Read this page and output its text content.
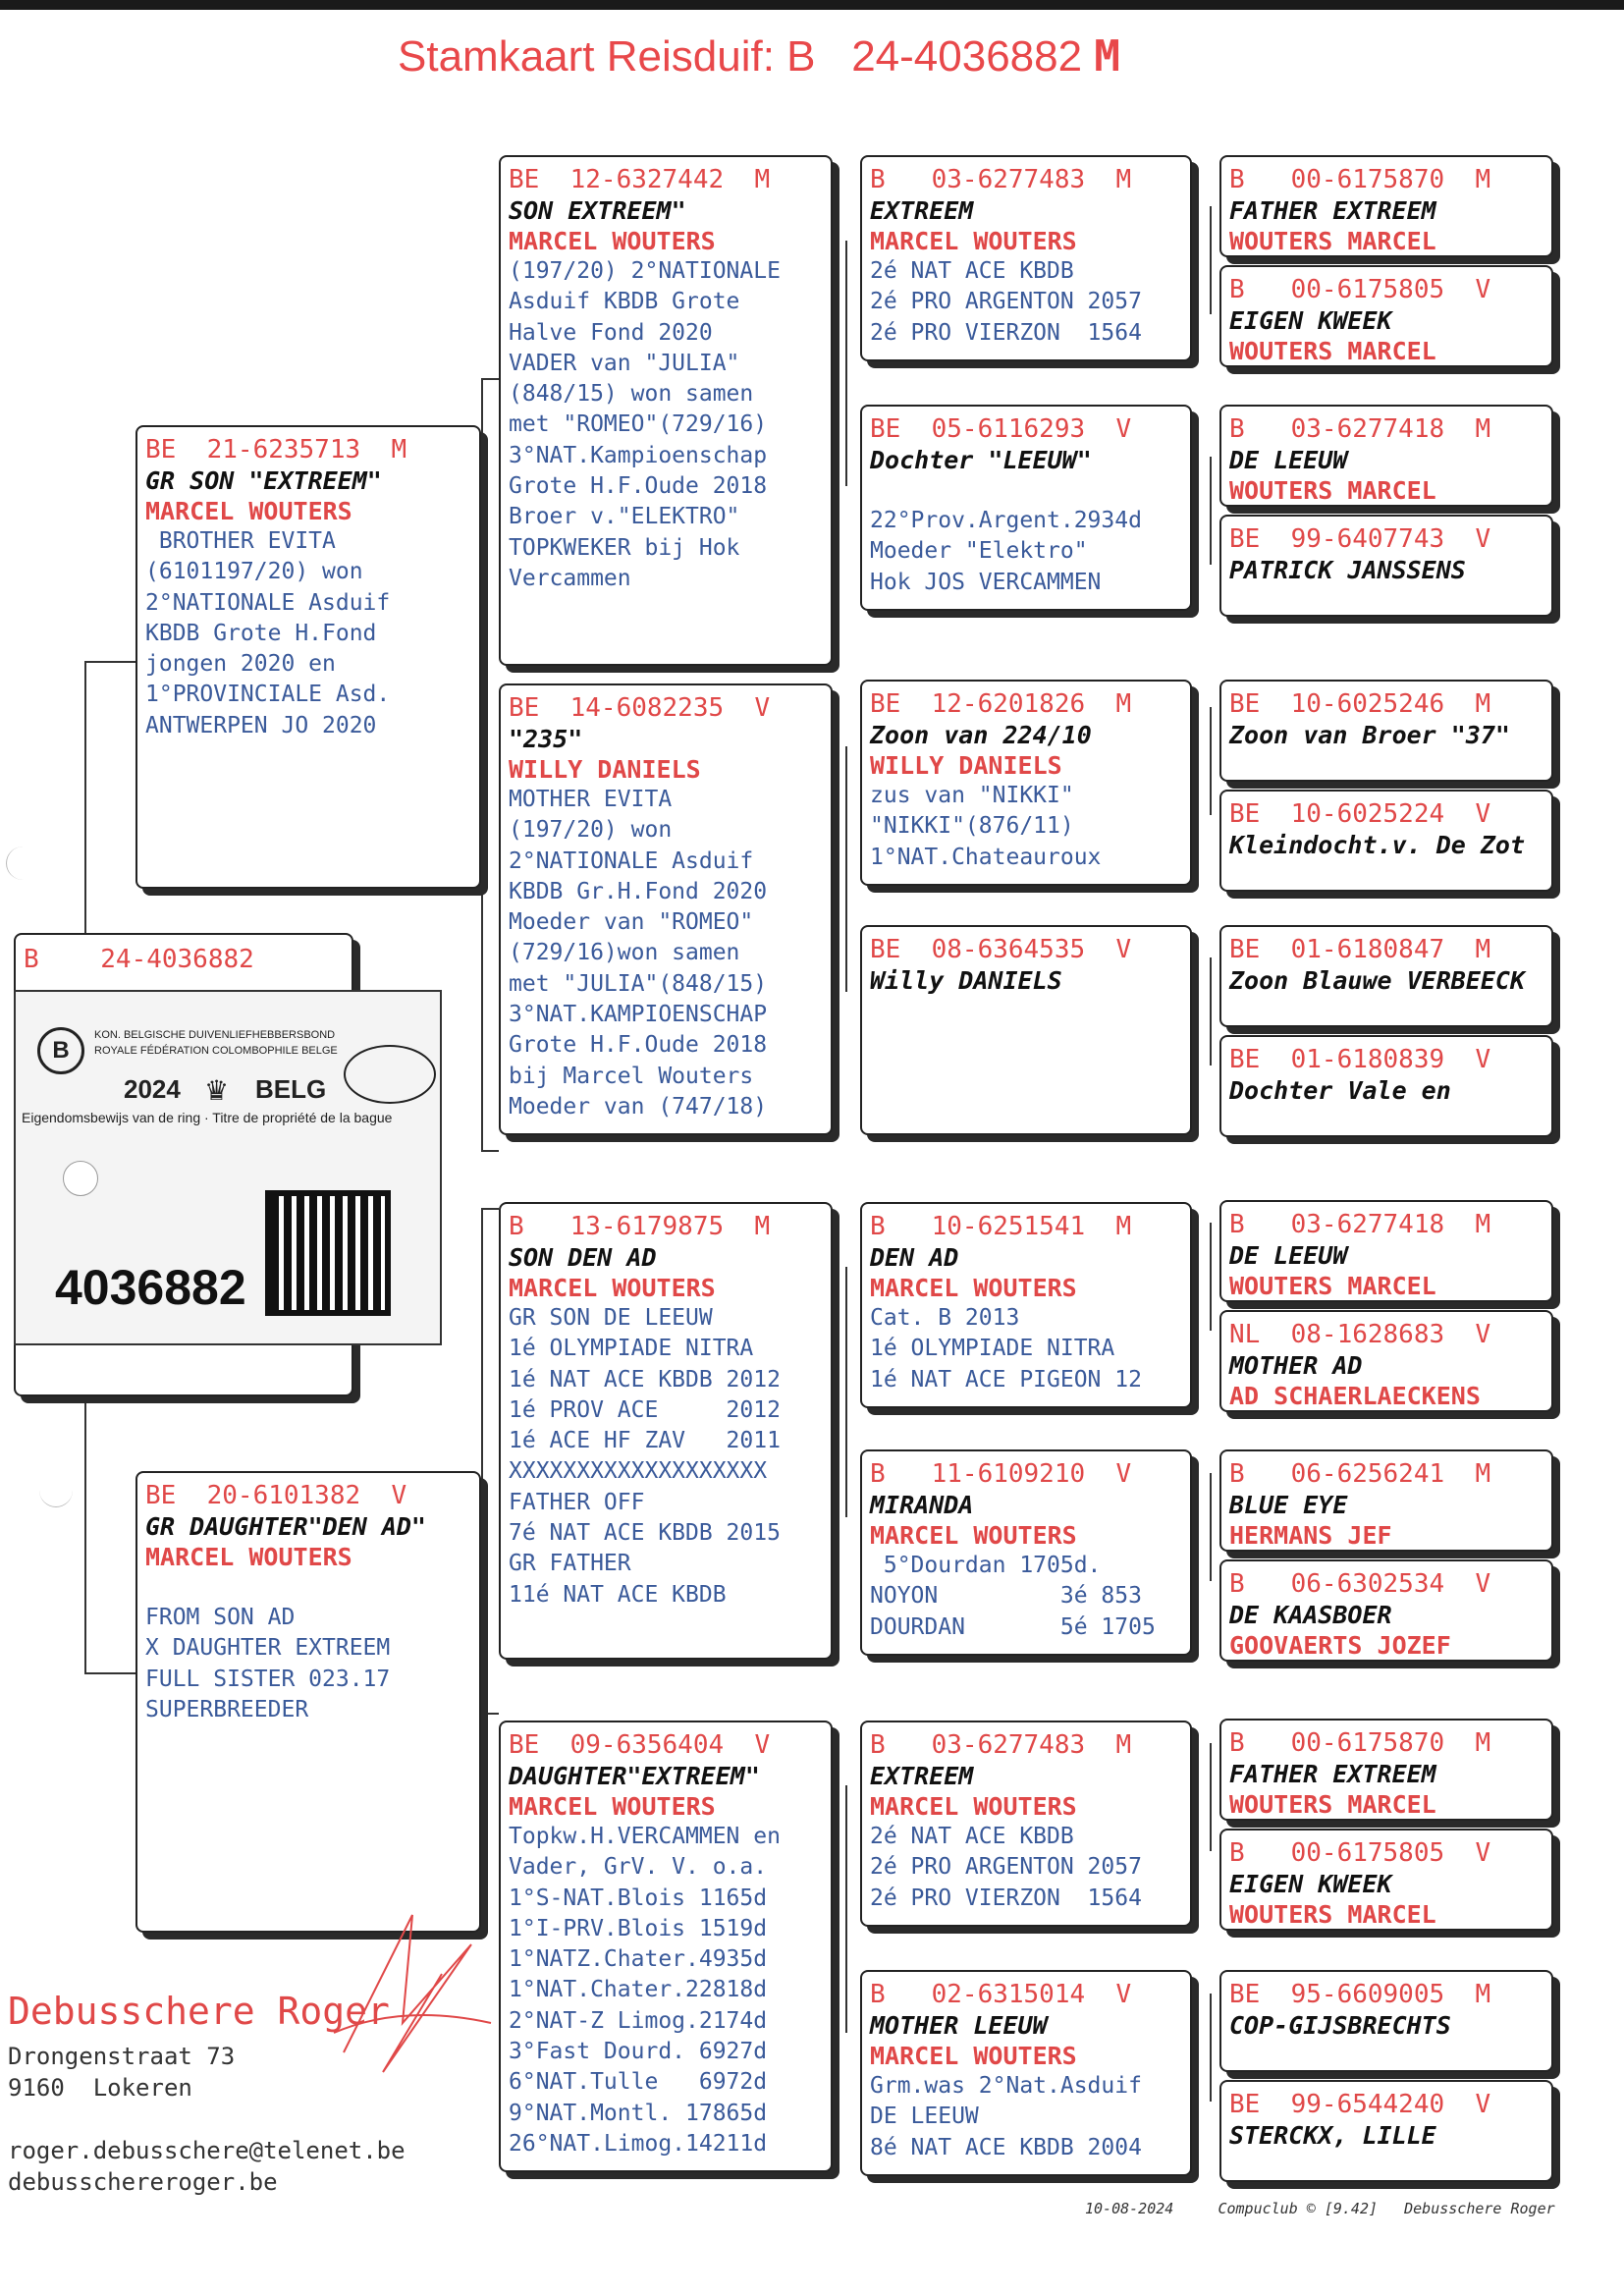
Stamkaart Reisduif: B 24-4036882 M
B    24-4036882
B
KON. BELGISCHE DUIVENLIEFHEBBERSBOND
ROYALE FÉDÉRATION COLOMBOPHILE BELGE
2024 ♛ BELG
Eigendomsbewijs van de ring · Titre de propriété de la bague
4036882
BE  21-6235713  M
GR SON "EXTREEM"
MARCEL WOUTERS
BROTHER EVITA
(6101197/20) won
2°NATIONALE Asduif
KBDB Grote H.Fond
jongen 2020 en
1°PROVINCIALE Asd.
ANTWERPEN JO 2020
BE  20-6101382  V
GR DAUGHTER"DEN AD"
MARCEL WOUTERS
FROM SON AD
X DAUGHTER EXTREEM
FULL SISTER 023.17
SUPERBREEDER
BE  12-6327442  M
SON EXTREEM"
MARCEL WOUTERS
(197/20) 2°NATIONALE
Asduif KBDB Grote
Halve Fond 2020
VADER van "JULIA"
(848/15) won samen
met "ROMEO"(729/16)
3°NAT.Kampioenschap
Grote H.F.Oude 2018
Broer v."ELEKTRO"
TOPKWEKER bij Hok
Vercammen
BE  14-6082235  V
"235"
WILLY DANIELS
MOTHER EVITA
(197/20) won
2°NATIONALE Asduif
KBDB Gr.H.Fond 2020
Moeder van "ROMEO"
(729/16)won samen
met "JULIA"(848/15)
3°NAT.KAMPIOENSCHAP
Grote H.F.Oude 2018
bij Marcel Wouters
Moeder van (747/18)
B   13-6179875  M
SON DEN AD
MARCEL WOUTERS
GR SON DE LEEUW
1é OLYMPIADE NITRA
1é NAT ACE KBDB 2012
1é PROV ACE     2012
1é ACE HF ZAV   2011
XXXXXXXXXXXXXXXXXXX
FATHER OFF
7é NAT ACE KBDB 2015
GR FATHER
11é NAT ACE KBDB
BE  09-6356404  V
DAUGHTER"EXTREEM"
MARCEL WOUTERS
Topkw.H.VERCAMMEN en
Vader, GrV. V. o.a.
1°S-NAT.Blois 1165d
1°I-PRV.Blois 1519d
1°NATZ.Chater.4935d
1°NAT.Chater.22818d
2°NAT-Z Limog.2174d
3°Fast Dourd. 6927d
6°NAT.Tulle   6972d
9°NAT.Montl. 17865d
26°NAT.Limog.14211d
B   03-6277483  M
EXTREEM
MARCEL WOUTERS
2é NAT ACE KBDB
2é PRO ARGENTON 2057
2é PRO VIERZON  1564
BE  05-6116293  V
Dochter "LEEUW"
22°Prov.Argent.2934d
Moeder "Elektro"
Hok JOS VERCAMMEN
BE  12-6201826  M
Zoon van 224/10
WILLY DANIELS
zus van "NIKKI"
"NIKKI"(876/11)
1°NAT.Chateauroux
BE  08-6364535  V
Willy DANIELS
B   10-6251541  M
DEN AD
MARCEL WOUTERS
Cat. B 2013
1é OLYMPIADE NITRA
1é NAT ACE PIGEON 12
B   11-6109210  V
MIRANDA
MARCEL WOUTERS
5°Dourdan 1705d.
NOYON         3é 853
DOURDAN       5é 1705
B   03-6277483  M
EXTREEM
MARCEL WOUTERS
2é NAT ACE KBDB
2é PRO ARGENTON 2057
2é PRO VIERZON  1564
B   02-6315014  V
MOTHER LEEUW
MARCEL WOUTERS
Grm.was 2°Nat.Asduif
DE LEEUW
8é NAT ACE KBDB 2004
B   00-6175870  M
FATHER EXTREEM
WOUTERS MARCEL
B   00-6175805  V
EIGEN KWEEK
WOUTERS MARCEL
B   03-6277418  M
DE LEEUW
WOUTERS MARCEL
BE  99-6407743  V
PATRICK JANSSENS
BE  10-6025246  M
Zoon van Broer "37"
BE  10-6025224  V
Kleindocht.v. De Zot
BE  01-6180847  M
Zoon Blauwe VERBEECK
BE  01-6180839  V
Dochter Vale en
B   03-6277418  M
DE LEEUW
WOUTERS MARCEL
NL  08-1628683  V
MOTHER AD
AD SCHAERLAECKENS
B   06-6256241  M
BLUE EYE
HERMANS JEF
B   06-6302534  V
DE KAASBOER
GOOVAERTS JOZEF
B   00-6175870  M
FATHER EXTREEM
WOUTERS MARCEL
B   00-6175805  V
EIGEN KWEEK
WOUTERS MARCEL
BE  95-6609005  M
COP-GIJSBRECHTS
BE  99-6544240  V
STERCKX, LILLE
Debusschere Roger
Drongenstraat 73
9160  Lokeren
roger.debusschere@telenet.be
debusschereroger.be
10-08-2024     Compuclub © [9.42]   Debusschere Roger
